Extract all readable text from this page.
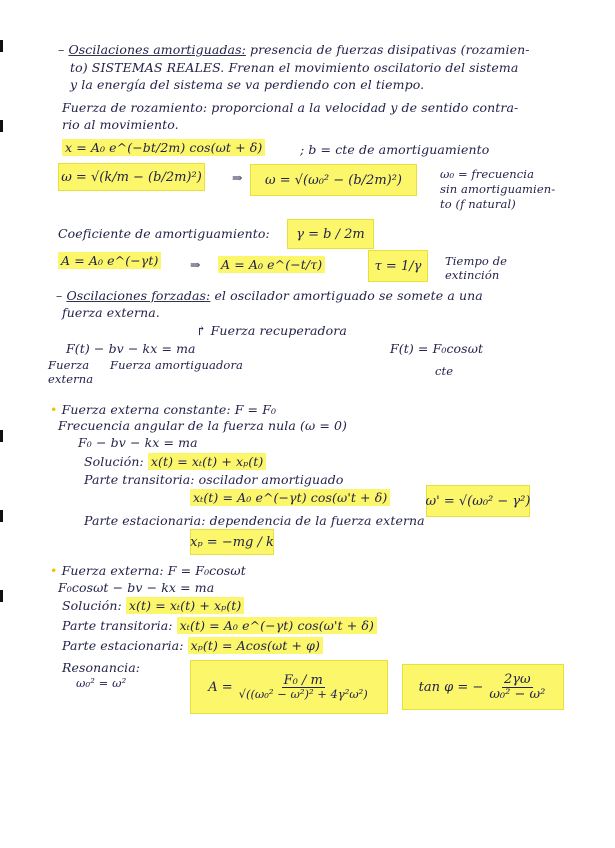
– Oscilaciones amortiguadas: presencia de fuerzas disipativas (rozamien-
to) SISTEMAS REALES. Frenan el movimiento oscilatorio del sistema
y la energía del sistema se va perdiendo con el tiempo.
Fuerza de rozamiento: proporcional a la velocidad y de sentido contra-
rio al movimiento.
x = A₀ e^(−bt/2m) cos(ωt + δ)	; b = cte de amortiguamiento
ω = √(k/m − (b/2m)²) ⇒	ω = √(ω₀² − (b/2m)²)	ω₀ = frecuencia
sin amortiguamien-
to (f natural)
Coeficiente de amortiguamiento:	γ = b / 2m
A = A₀ e^(−γt)	⇒ A = A₀ e^(−t/τ)	τ = 1/γ	Tiempo de
extinción
– Oscilaciones forzadas: el oscilador amortiguado se somete a una
fuerza externa.
↱ Fuerza recuperadora
F(t) − bv − kx = ma	F(t) = F₀cosωt
Fuerza Fuerza amortiguadora
externa
cte
• Fuerza externa constante: F = F₀
Frecuencia angular de la fuerza nula (ω = 0)
F₀ − bv − kx = ma
Solución: x(t) = xₜ(t) + xₚ(t)
Parte transitoria: oscilador amortiguado
xₜ(t) = A₀ e^(−γt) cos(ω't + δ)	ω' = √(ω₀² − γ²)
Parte estacionaria: dependencia de la fuerza externa
xₚ = −mg / k
• Fuerza externa: F = F₀cosωt
F₀cosωt − bv − kx = ma
Solución: x(t) = xₜ(t) + xₚ(t)
Parte transitoria: xₜ(t) = A₀ e^(−γt) cos(ω't + δ)
Parte estacionaria: xₚ(t) = Acos(ωt + φ)
Resonancia:
ω₀² = ω²	$A = \frac{\text{F₀ / m}}{\text{√((ω₀² − ω²)² + 4γ²ω²)}}$	tan φ = − $\frac{2\gamma\omega}{\text{ω₀² − ω²}}$
